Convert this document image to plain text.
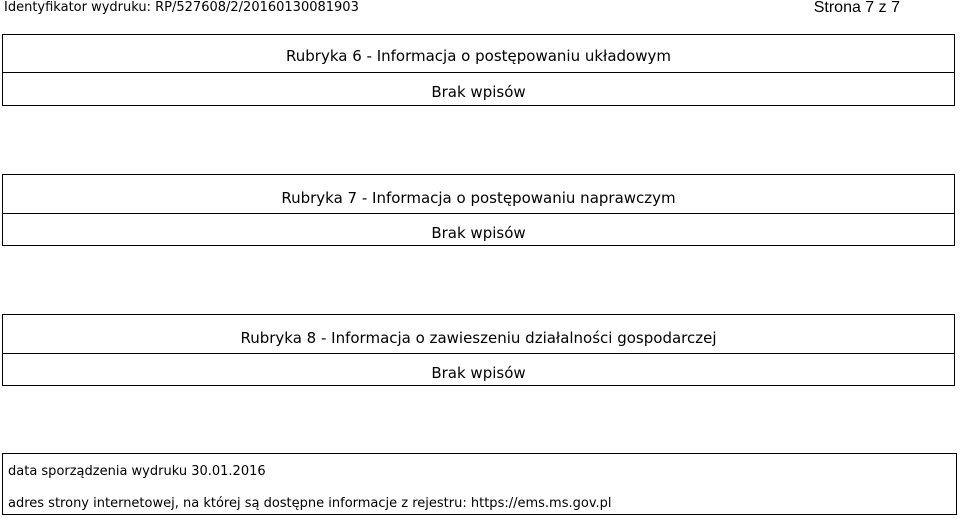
Identyfikator wydruku: RP/527608/2/20160130081903	Strona 7 z 7
Rubryka 6 - Informacja o postępowaniu układowym
Brak wpisów
Rubryka 7 - Informacja o postępowaniu naprawczym
Brak wpisów
Rubryka 8 - Informacja o zawieszeniu działalności gospodarczej
Brak wpisów
data sporządzenia wydruku 30.01.2016
adres strony internetowej, na której są dostępne informacje z rejestru: https://ems.ms.gov.pl
